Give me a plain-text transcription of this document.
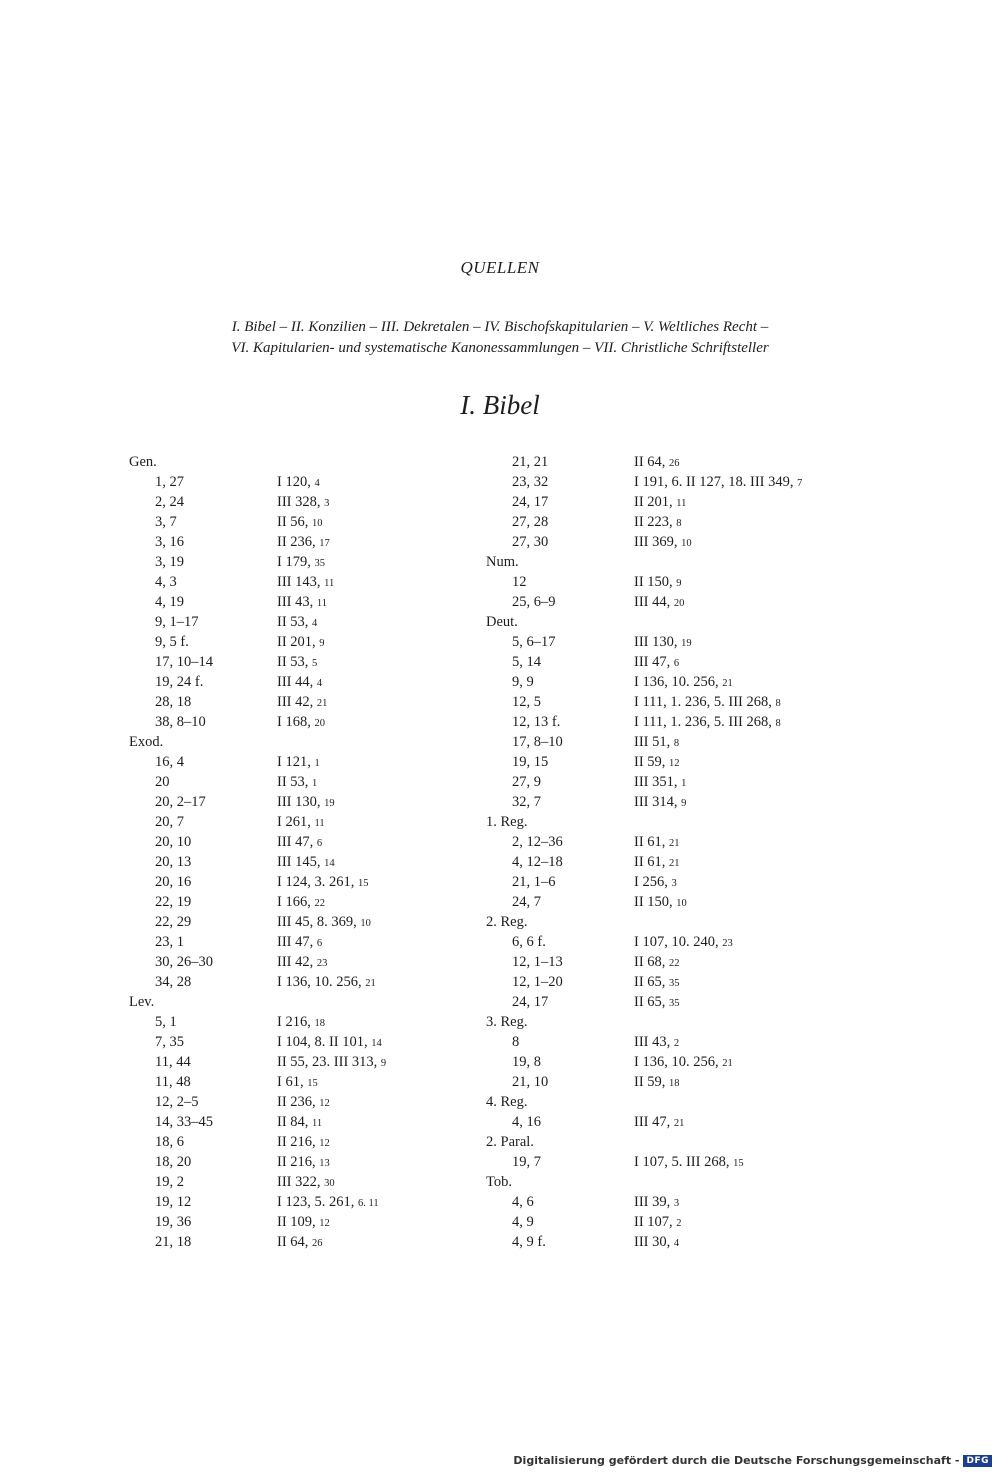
QUELLEN
I. Bibel – II. Konzilien – III. Dekretalen – IV. Bischofskapitularien – V. Weltliches Recht –
VI. Kapitularien- und systematische Kanonessammlungen – VII. Christliche Schriftsteller
I. Bibel
Gen.
1, 27	I 120, 4
2, 24	III 328, 3
3, 7	II 56, 10
3, 16	II 236, 17
3, 19	I 179, 35
4, 3	III 143, 11
4, 19	III 43, 11
9, 1–17	II 53, 4
9, 5 f.	II 201, 9
17, 10–14	II 53, 5
19, 24 f.	III 44, 4
28, 18	III 42, 21
38, 8–10	I 168, 20
Exod.
16, 4	I 121, 1
20	II 53, 1
20, 2–17	III 130, 19
20, 7	I 261, 11
20, 10	III 47, 6
20, 13	III 145, 14
20, 16	I 124, 3. 261, 15
22, 19	I 166, 22
22, 29	III 45, 8. 369, 10
23, 1	III 47, 6
30, 26–30	III 42, 23
34, 28	I 136, 10. 256, 21
Lev.
5, 1	I 216, 18
7, 35	I 104, 8. II 101, 14
11, 44	II 55, 23. III 313, 9
11, 48	I 61, 15
12, 2–5	II 236, 12
14, 33–45	II 84, 11
18, 6	II 216, 12
18, 20	II 216, 13
19, 2	III 322, 30
19, 12	I 123, 5. 261, 6. 11
19, 36	II 109, 12
21, 18	II 64, 26
21, 21	II 64, 26
23, 32	I 191, 6. II 127, 18. III 349, 7
24, 17	II 201, 11
27, 28	II 223, 8
27, 30	III 369, 10
Num.
12	II 150, 9
25, 6–9	III 44, 20
Deut.
5, 6–17	III 130, 19
5, 14	III 47, 6
9, 9	I 136, 10. 256, 21
12, 5	I 111, 1. 236, 5. III 268, 8
12, 13 f.	I 111, 1. 236, 5. III 268, 8
17, 8–10	III 51, 8
19, 15	II 59, 12
27, 9	III 351, 1
32, 7	III 314, 9
1. Reg.
2, 12–36	II 61, 21
4, 12–18	II 61, 21
21, 1–6	I 256, 3
24, 7	II 150, 10
2. Reg.
6, 6 f.	I 107, 10. 240, 23
12, 1–13	II 68, 22
12, 1–20	II 65, 35
24, 17	II 65, 35
3. Reg.
8	III 43, 2
19, 8	I 136, 10. 256, 21
21, 10	II 59, 18
4. Reg.
4, 16	III 47, 21
2. Paral.
19, 7	I 107, 5. III 268, 15
Tob.
4, 6	III 39, 3
4, 9	II 107, 2
4, 9 f.	III 30, 4
Digitalisierung gefördert durch die Deutsche Forschungsgemeinschaft - DFG
